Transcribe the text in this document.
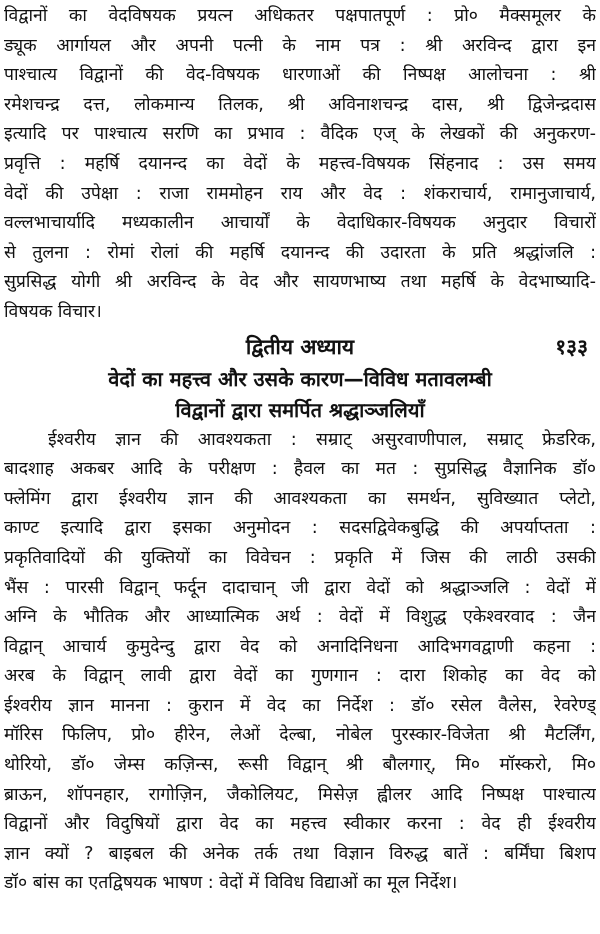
विद्वानों का वेदविषयक प्रयत्न अधिकतर पक्षपातपूर्ण : प्रो० मैक्समूलर के
ड्यूक आर्गायल और अपनी पत्नी के नाम पत्र : श्री अरविन्द द्वारा इन
पाश्चात्य विद्वानों की वेद-विषयक धारणाओं की निष्पक्ष आलोचना : श्री
रमेशचन्द्र दत्त, लोकमान्य तिलक, श्री अविनाशचन्द्र दास, श्री द्विजेन्द्रदास
इत्यादि पर पाश्चात्य सरणि का प्रभाव : वैदिक एज् के लेखकों की अनुकरण-
प्रवृत्ति : महर्षि दयानन्द का वेदों के महत्त्व-विषयक सिंहनाद : उस समय
वेदों की उपेक्षा : राजा राममोहन राय और वेद : शंकराचार्य, रामानुजाचार्य,
वल्लभाचार्यादि मध्यकालीन आचार्यों के वेदाधिकार-विषयक अनुदार विचारों
से तुलना : रोमां रोलां की महर्षि दयानन्द की उदारता के प्रति श्रद्धांजलि :
सुप्रसिद्ध योगी श्री अरविन्द के वेद और सायणभाष्य तथा महर्षि के वेदभाष्यादि-
विषयक विचार।
द्वितीय अध्याय	१३३
वेदों का महत्त्व और उसके कारण—विविध मतावलम्बी
विद्वानों द्वारा समर्पित श्रद्धाञ्जलियाँ
ईश्वरीय ज्ञान की आवश्यकता : सम्राट् असुरवाणीपाल, सम्राट् फ्रेडरिक,
बादशाह अकबर आदि के परीक्षण : हैवल का मत : सुप्रसिद्ध वैज्ञानिक डॉ०
फ्लेमिंग द्वारा ईश्वरीय ज्ञान की आवश्यकता का समर्थन, सुविख्यात प्लेटो,
काण्ट इत्यादि द्वारा इसका अनुमोदन : सदसद्विवेकबुद्धि की अपर्याप्तता :
प्रकृतिवादियों की युक्तियों का विवेचन : प्रकृति में जिस की लाठी उसकी
भैंस : पारसी विद्वान् फर्दून दादाचान् जी द्वारा वेदों को श्रद्धाञ्जलि : वेदों में
अग्नि के भौतिक और आध्यात्मिक अर्थ : वेदों में विशुद्ध एकेश्वरवाद : जैन
विद्वान् आचार्य कुमुदेन्दु द्वारा वेद को अनादिनिधना आदिभगवद्वाणी कहना :
अरब के विद्वान् लावी द्वारा वेदों का गुणगान : दारा शिकोह का वेद को
ईश्वरीय ज्ञान मानना : कुरान में वेद का निर्देश : डॉ० रसेल वैलेस, रेवरेण्ड्
मॉरिस फिलिप, प्रो० हीरेन, लेओं देल्बा, नोबेल पुरस्कार-विजेता श्री मैटर्लिंग,
थोरियो, डॉ० जेम्स कज़िन्स, रूसी विद्वान् श्री बौलगार्, मि० मॉस्करो, मि०
ब्राऊन, शॉपनहार, रागोज़िन, जैकोलियट, मिसेज़ ह्वीलर आदि निष्पक्ष पाश्चात्य
विद्वानों और विदुषियों द्वारा वेद का महत्त्व स्वीकार करना : वेद ही ईश्वरीय
ज्ञान क्यों ? बाइबल की अनेक तर्क तथा विज्ञान विरुद्ध बातें : बर्मिंघा बिशप
डॉ० बांस का एतद्विषयक भाषण : वेदों में विविध विद्याओं का मूल निर्देश।
